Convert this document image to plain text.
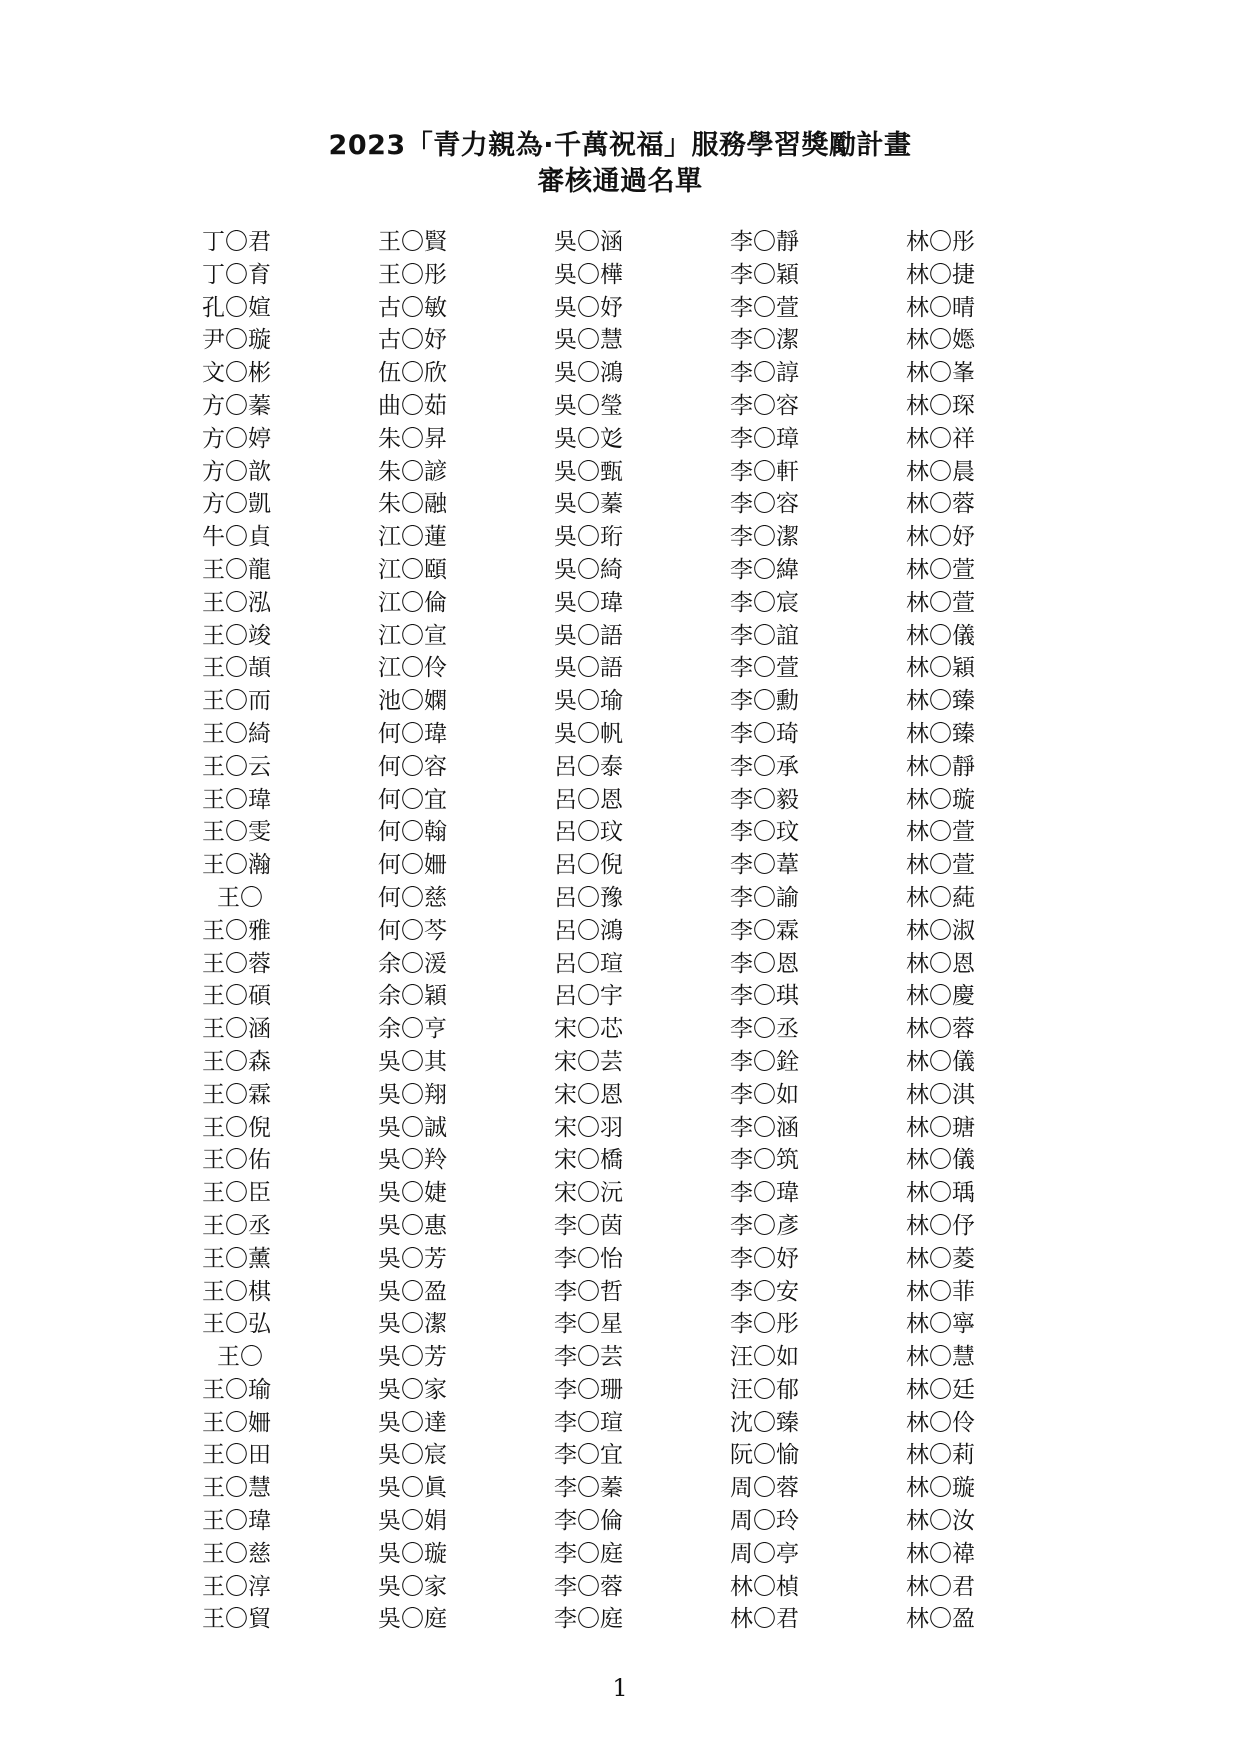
2023「青力親為·千萬祝福」服務學習獎勵計畫
審核通過名單
丁〇君
丁〇育
孔〇媗
尹〇璇
文〇彬
方〇蓁
方〇婷
方〇歆
方〇凱
牛〇貞
王〇龍
王〇泓
王〇竣
王〇頡
王〇而
王〇綺
王〇云
王〇瑋
王〇雯
王〇瀚
王〇
王〇雅
王〇蓉
王〇碩
王〇涵
王〇森
王〇霖
王〇倪
王〇佑
王〇臣
王〇丞
王〇薰
王〇棋
王〇弘
王〇
王〇瑜
王〇姍
王〇田
王〇慧
王〇瑋
王〇慈
王〇淳
王〇貿
王〇賢
王〇彤
古〇敏
古〇妤
伍〇欣
曲〇茹
朱〇昇
朱〇諺
朱〇融
江〇蓮
江〇頤
江〇倫
江〇宣
江〇伶
池〇嫻
何〇瑋
何〇容
何〇宜
何〇翰
何〇姍
何〇慈
何〇芩
余〇湲
余〇穎
余〇亨
吳〇其
吳〇翔
吳〇誠
吳〇羚
吳〇婕
吳〇惠
吳〇芳
吳〇盈
吳〇潔
吳〇芳
吳〇家
吳〇達
吳〇宸
吳〇眞
吳〇娟
吳〇璇
吳〇家
吳〇庭
吳〇涵
吳〇樺
吳〇妤
吳〇慧
吳〇鴻
吳〇瑩
吳〇彣
吳〇甄
吳〇蓁
吳〇珩
吳〇綺
吳〇瑋
吳〇語
吳〇語
吳〇瑜
吳〇帆
呂〇泰
呂〇恩
呂〇玟
呂〇倪
呂〇豫
呂〇鴻
呂〇瑄
呂〇宇
宋〇芯
宋〇芸
宋〇恩
宋〇羽
宋〇橋
宋〇沅
李〇茵
李〇怡
李〇哲
李〇星
李〇芸
李〇珊
李〇瑄
李〇宜
李〇蓁
李〇倫
李〇庭
李〇蓉
李〇庭
李〇靜
李〇穎
李〇萱
李〇潔
李〇諄
李〇容
李〇璋
李〇軒
李〇容
李〇潔
李〇緯
李〇宸
李〇誼
李〇萱
李〇勳
李〇琦
李〇承
李〇毅
李〇玟
李〇葦
李〇諭
李〇霖
李〇恩
李〇琪
李〇丞
李〇銓
李〇如
李〇涵
李〇筑
李〇瑋
李〇彥
李〇妤
李〇安
李〇彤
汪〇如
汪〇郁
沈〇臻
阮〇愉
周〇蓉
周〇玲
周〇亭
林〇楨
林〇君
林〇彤
林〇捷
林〇晴
林〇嫕
林〇峯
林〇琛
林〇祥
林〇晨
林〇蓉
林〇妤
林〇萱
林〇萱
林〇儀
林〇穎
林〇臻
林〇臻
林〇靜
林〇璇
林〇萱
林〇萱
林〇蒓
林〇淑
林〇恩
林〇慶
林〇蓉
林〇儀
林〇淇
林〇瑭
林〇儀
林〇瑀
林〇伃
林〇菱
林〇菲
林〇寧
林〇慧
林〇廷
林〇伶
林〇莉
林〇璇
林〇汝
林〇禕
林〇君
林〇盈
1
